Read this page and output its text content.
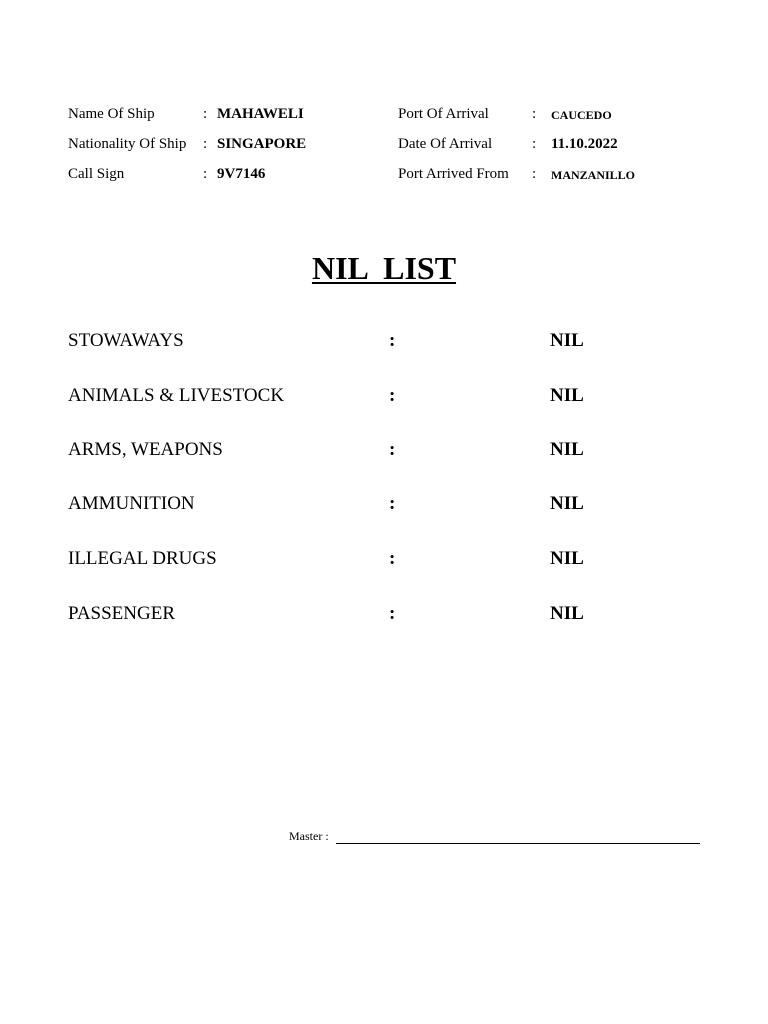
Name Of Ship	: MAHAWELI
Nationality Of Ship : SINGAPORE
Call Sign	: 9V7146
Port Of Arrival	: CAUCEDO
Date Of Arrival	: 11.10.2022
Port Arrived From : MANZANILLO
NIL  LIST
STOWAWAYS	:	NIL
ANIMALS & LIVESTOCK	:	NIL
ARMS, WEAPONS	:	NIL
AMMUNITION	:	NIL
ILLEGAL DRUGS	:	NIL
PASSENGER	:	NIL
Master :
